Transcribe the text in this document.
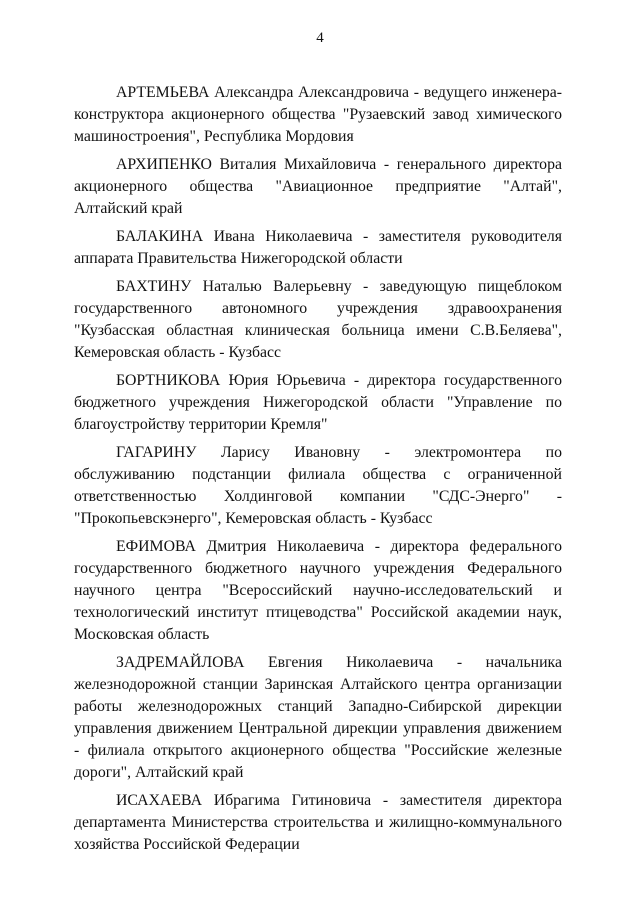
4

АРТЕМЬЕВА Александра Александровича - ведущего инженера-конструктора акционерного общества "Рузаевский завод химического машиностроения", Республика Мордовия

АРХИПЕНКО Виталия Михайловича - генерального директора акционерного общества "Авиационное предприятие "Алтай", Алтайский край

БАЛАКИНА Ивана Николаевича - заместителя руководителя аппарата Правительства Нижегородской области

БАХТИНУ Наталью Валерьевну - заведующую пищеблоком государственного автономного учреждения здравоохранения "Кузбасская областная клиническая больница имени С.В.Беляева", Кемеровская область - Кузбасс

БОРТНИКОВА Юрия Юрьевича - директора государственного бюджетного учреждения Нижегородской области "Управление по благоустройству территории Кремля"

ГАГАРИНУ Ларису Ивановну - электромонтера по обслуживанию подстанции филиала общества с ограниченной ответственностью Холдинговой компании "СДС-Энерго" - "Прокопьевскэнерго", Кемеровская область - Кузбасс

ЕФИМОВА Дмитрия Николаевича - директора федерального государственного бюджетного научного учреждения Федерального научного центра "Всероссийский научно-исследовательский и технологический институт птицеводства" Российской академии наук, Московская область

ЗАДРЕМАЙЛОВА Евгения Николаевича - начальника железнодорожной станции Заринская Алтайского центра организации работы железнодорожных станций Западно-Сибирской дирекции управления движением Центральной дирекции управления движением - филиала открытого акционерного общества "Российские железные дороги", Алтайский край

ИСАХАЕВА Ибрагима Гитиновича - заместителя директора департамента Министерства строительства и жилищно-коммунального хозяйства Российской Федерации
